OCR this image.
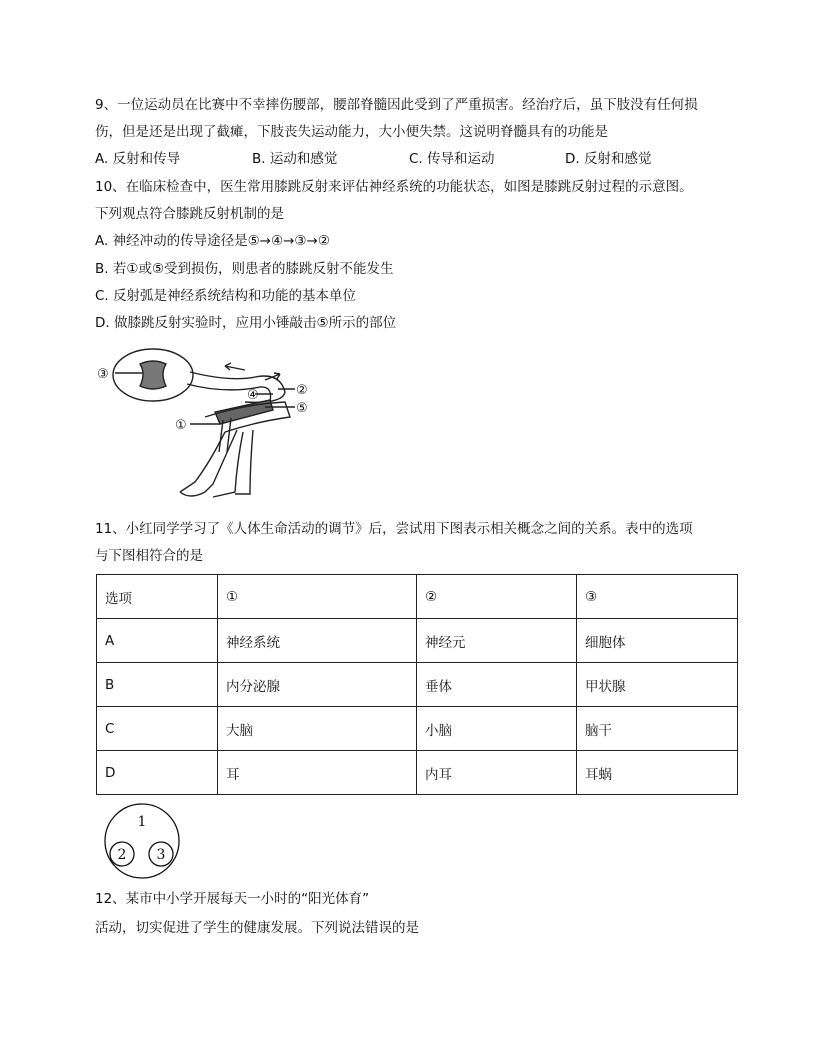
9、一位运动员在比赛中不幸摔伤腰部，腰部脊髓因此受到了严重损害。经治疗后，虽下肢没有任何损
伤，但是还是出现了截瘫，下肢丧失运动能力，大小便失禁。这说明脊髓具有的功能是
A. 反射和传导	B. 运动和感觉	C. 传导和运动	D. 反射和感觉
10、在临床检查中，医生常用膝跳反射来评估神经系统的功能状态，如图是膝跳反射过程的示意图。
下列观点符合膝跳反射机制的是
A. 神经冲动的传导途径是⑤→④→③→②
B. 若①或⑤受到损伤，则患者的膝跳反射不能发生
C. 反射弧是神经系统结构和功能的基本单位
D. 做膝跳反射实验时，应用小锤敲击⑤所示的部位
③
②
④
⑤
①
11、小红同学学习了《人体生命活动的调节》后，尝试用下图表示相关概念之间的关系。表中的选项
与下图相符合的是
选项	①	②	③
A	神经系统	神经元	细胞体
B	内分泌腺	垂体	甲状腺
C	大脑	小脑	脑干
D	耳	内耳	耳蜗
1
2 3
12、某市中小学开展每天一小时的“阳光体育”
活动，切实促进了学生的健康发展。下列说法错误的是
